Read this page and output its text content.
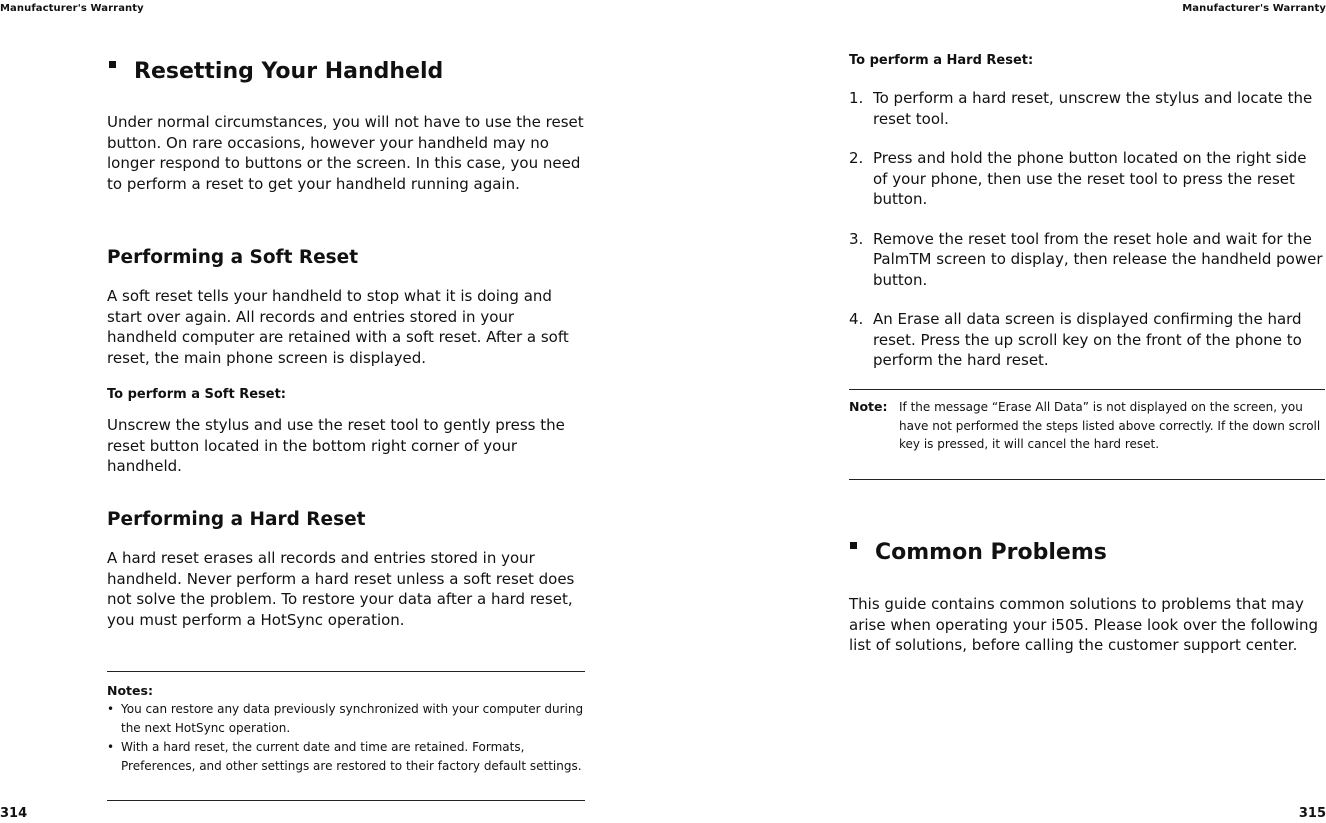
Manufacturer's Warranty
Resetting Your Handheld

Under normal circumstances, you will not have to use the reset button. On rare occasions, however your handheld may no longer respond to buttons or the screen. In this case, you need to perform a reset to get your handheld running again.

Performing a Soft Reset

A soft reset tells your handheld to stop what it is doing and start over again. All records and entries stored in your handheld computer are retained with a soft reset. After a soft reset, the main phone screen is displayed.

To perform a Soft Reset:

Unscrew the stylus and use the reset tool to gently press the reset button located in the bottom right corner of your handheld.

Performing a Hard Reset

A hard reset erases all records and entries stored in your handheld. Never perform a hard reset unless a soft reset does not solve the problem. To restore your data after a hard reset, you must perform a HotSync operation.

Notes:
• You can restore any data previously synchronized with your computer during the next HotSync operation.
• With a hard reset, the current date and time are retained. Formats, Preferences, and other settings are restored to their factory default settings.
314
Manufacturer's Warranty
To perform a Hard Reset:
1. To perform a hard reset, unscrew the stylus and locate the reset tool.
2. Press and hold the phone button located on the right side of your phone, then use the reset tool to press the reset button.
3. Remove the reset tool from the reset hole and wait for the PalmTM screen to display, then release the handheld power button.
4. An Erase all data screen is displayed confirming the hard reset. Press the up scroll key on the front of the phone to perform the hard reset.
Note: If the message “Erase All Data” is not displayed on the screen, you have not performed the steps listed above correctly. If the down scroll key is pressed, it will cancel the hard reset.
Common Problems

This guide contains common solutions to problems that may arise when operating your i505. Please look over the following list of solutions, before calling the customer support center.

315
